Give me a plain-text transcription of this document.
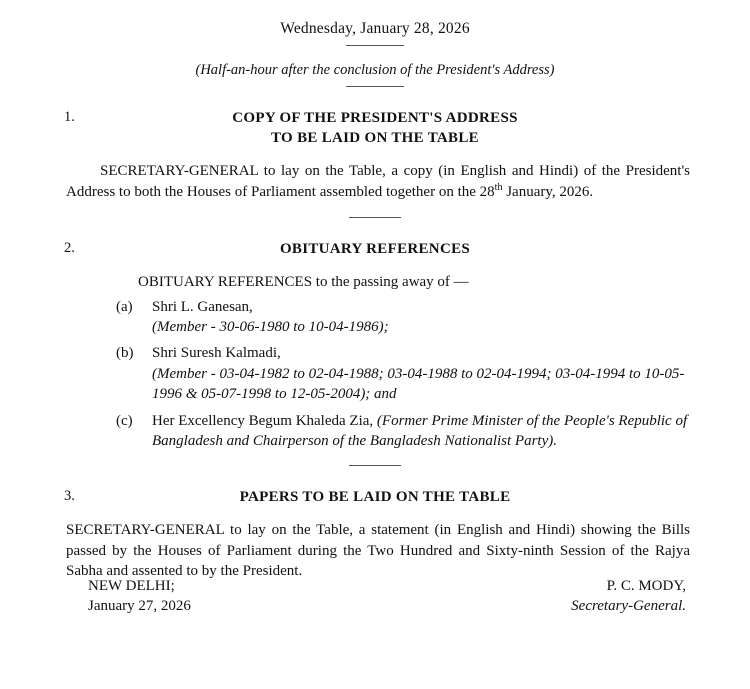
Wednesday, January 28, 2026
(Half-an-hour after the conclusion of the President's Address)
1.	COPY OF THE PRESIDENT'S ADDRESS
TO BE LAID ON THE TABLE
SECRETARY-GENERAL to lay on the Table, a copy (in English and Hindi) of the President's Address to both the Houses of Parliament assembled together on the 28th January, 2026.
2.	OBITUARY REFERENCES
OBITUARY REFERENCES to the passing away of —
(a) Shri L. Ganesan,
(Member - 30-06-1980 to 10-04-1986);
(b) Shri Suresh Kalmadi,
(Member - 03-04-1982 to 02-04-1988; 03-04-1988 to 02-04-1994; 03-04-1994 to 10-05-1996 & 05-07-1998 to 12-05-2004); and
(c) Her Excellency Begum Khaleda Zia, (Former Prime Minister of the People's Republic of Bangladesh and Chairperson of the Bangladesh Nationalist Party).
3.	PAPERS TO BE LAID ON THE TABLE
SECRETARY-GENERAL to lay on the Table, a statement (in English and Hindi) showing the Bills passed by the Houses of Parliament during the Two Hundred and Sixty-ninth Session of the Rajya Sabha and assented to by the President.
NEW DELHI;	P. C. MODY,
January 27, 2026	Secretary-General.
